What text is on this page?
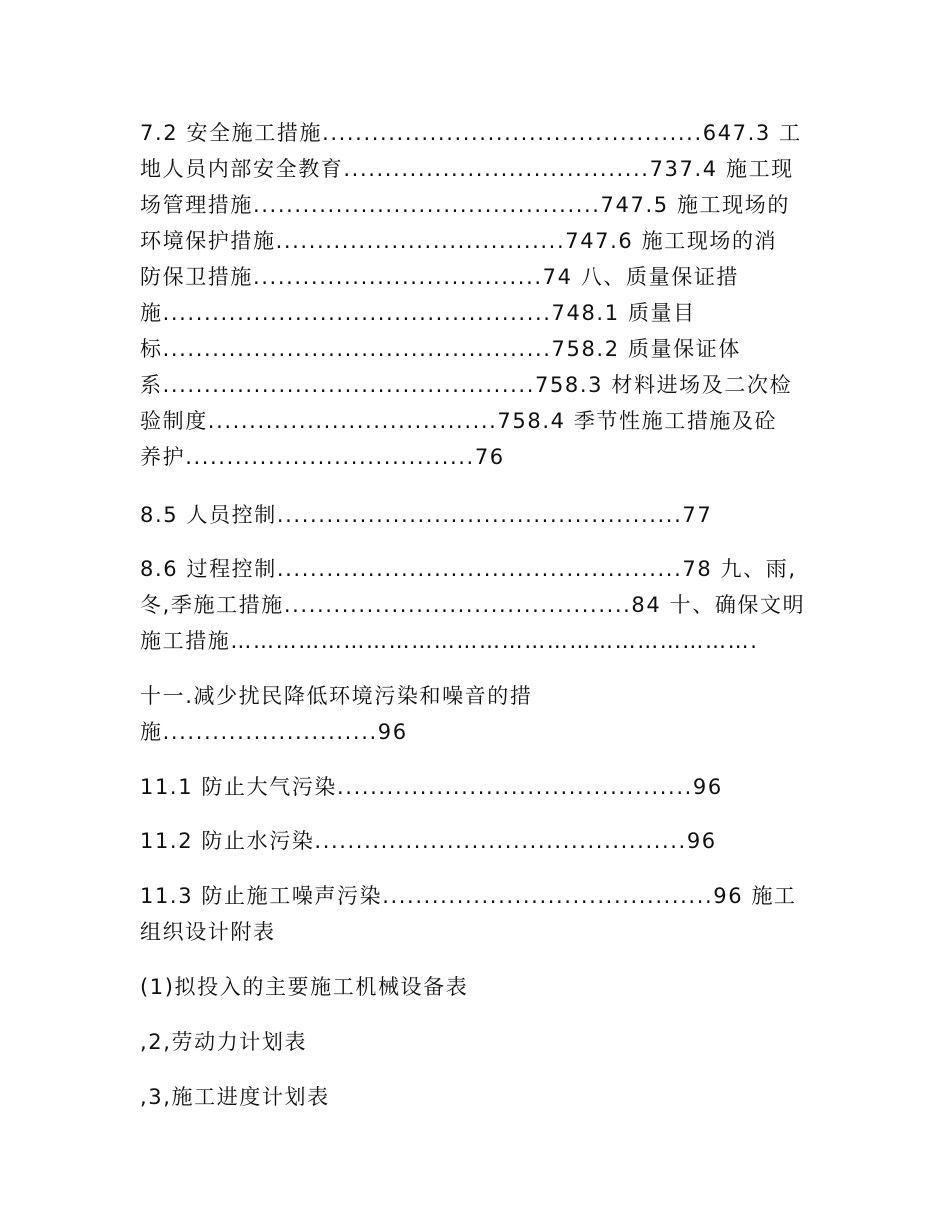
7.2 安全施工措施..............................................647.3 工
地人员内部安全教育.....................................737.4 施工现
场管理措施..........................................747.5 施工现场的
环境保护措施...................................747.6 施工现场的消
防保卫措施...................................74 八、质量保证措
施...............................................748.1 质量目
标...............................................758.2 质量保证体
系.............................................758.3 材料进场及二次检
验制度...................................758.4 季节性施工措施及砼
养护...................................76
8.5 人员控制.................................................77
8.6 过程控制.................................................78 九、雨,
冬,季施工措施..........................................84 十、确保文明
施工措施…………………………………………………………….
十一.减少扰民降低环境污染和噪音的措
施..........................96
11.1 防止大气污染...........................................96
11.2 防止水污染.............................................96
11.3 防止施工噪声污染........................................96 施工
组织设计附表
(1)拟投入的主要施工机械设备表
,2,劳动力计划表
,3,施工进度计划表
